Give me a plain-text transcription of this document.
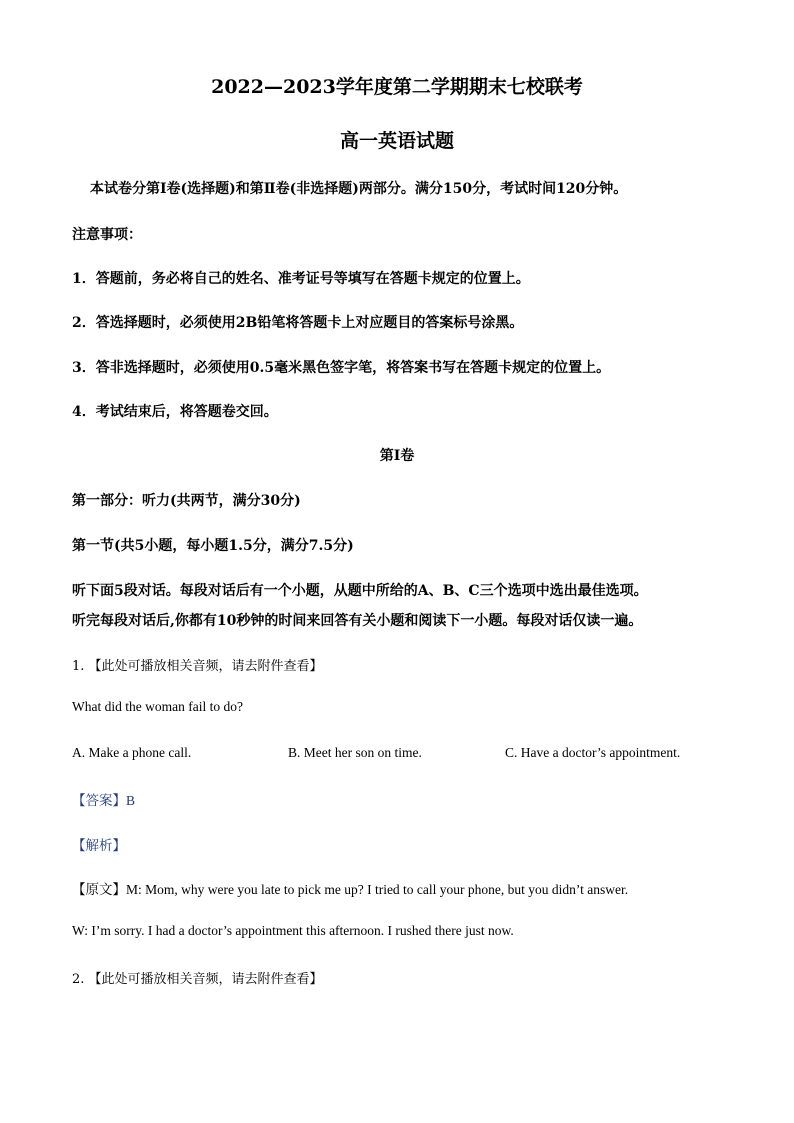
2022—2023学年度第二学期期末七校联考
高一英语试题
本试卷分第Ⅰ卷(选择题)和第Ⅱ卷(非选择题)两部分。满分150分，考试时间120分钟。
注意事项：
1．答题前，务必将自己的姓名、准考证号等填写在答题卡规定的位置上。
2．答选择题时，必须使用2B铅笔将答题卡上对应题目的答案标号涂黑。
3．答非选择题时，必须使用0.5毫米黑色签字笔，将答案书写在答题卡规定的位置上。
4．考试结束后，将答题卷交回。
第Ⅰ卷
第一部分：听力(共两节，满分30分)
第一节(共5小题，每小题1.5分，满分7.5分)
听下面5段对话。每段对话后有一个小题，从题中所给的A、B、C三个选项中选出最佳选项。
听完每段对话后,你都有10秒钟的时间来回答有关小题和阅读下一小题。每段对话仅读一遍。
1. 【此处可播放相关音频，请去附件查看】
What did the woman fail to do?
A. Make a phone call.	B. Meet her son on time.	C. Have a doctor’s appointment.
【答案】B
【解析】
【原文】M: Mom, why were you late to pick me up? I tried to call your phone, but you didn’t answer.
W: I’m sorry. I had a doctor’s appointment this afternoon. I rushed there just now.
2. 【此处可播放相关音频，请去附件查看】
